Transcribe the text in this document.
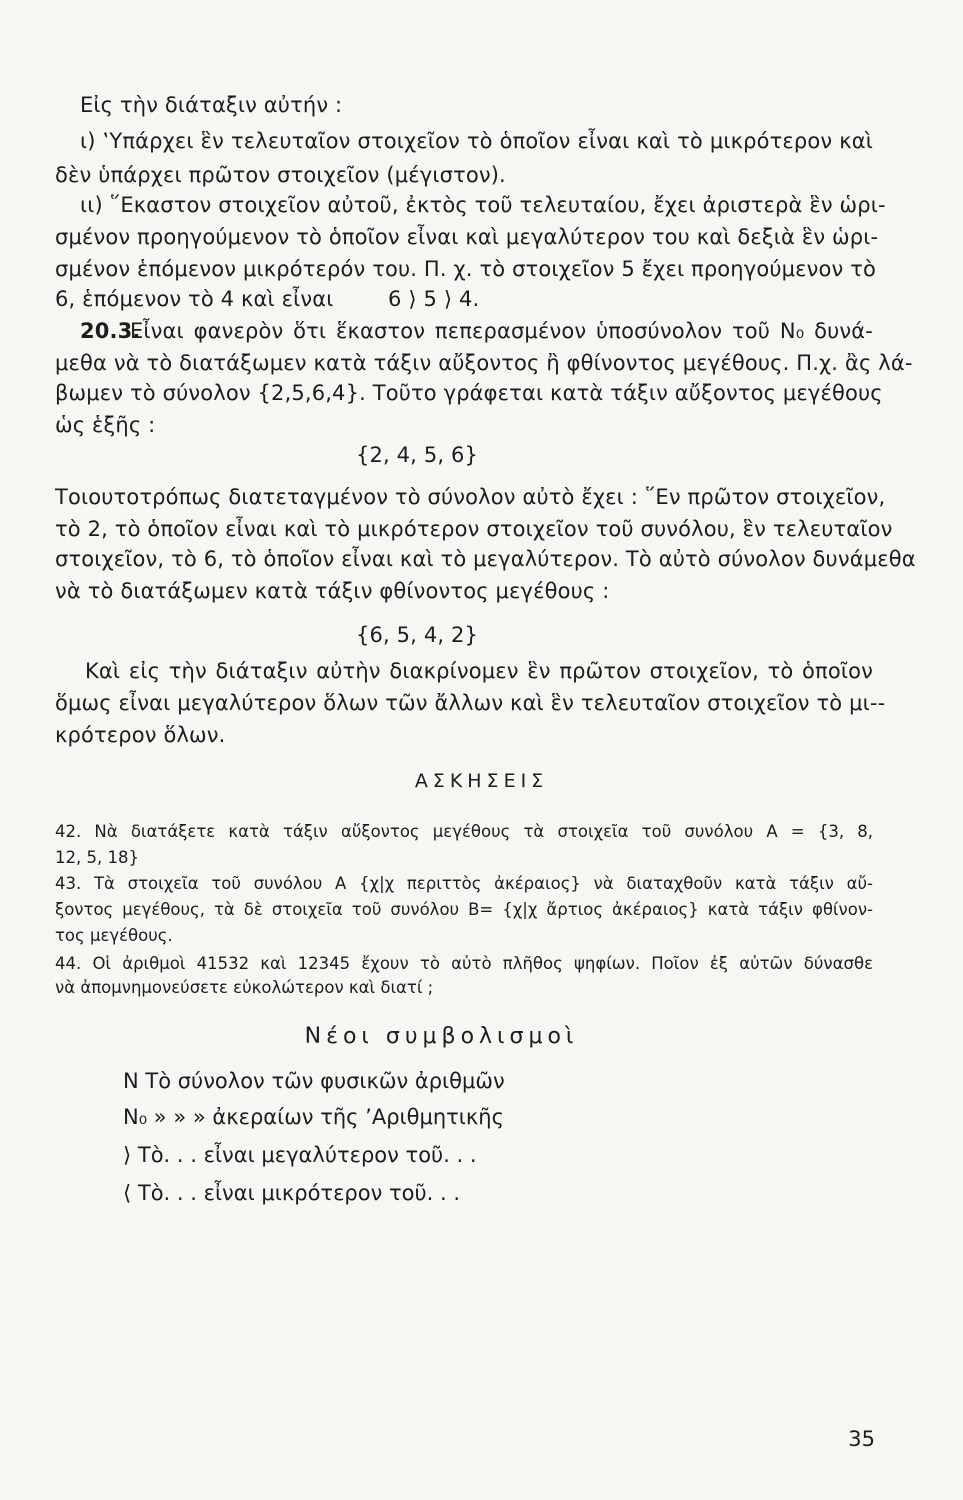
Εἰς τὴν διάταξιν αὐτήν :
ι) ‛Υπάρχει ἓν τελευταῖον στοιχεῖον τὸ ὁποῖον εἶναι καὶ τὸ μικρότερον καὶ
δὲν ὑπάρχει πρῶτον στοιχεῖον (μέγιστον).
ιι) ῞Εκαστον στοιχεῖον αὐτοῦ, ἐκτὸς τοῦ τελευταίου, ἔχει ἀριστερὰ ἓν ὡρι-
σμένον προηγούμενον τὸ ὁποῖον εἶναι καὶ μεγαλύτερον του καὶ δεξιὰ ἓν ὡρι-
σμένον ἑπόμενον μικρότερόν του. Π. χ. τὸ στοιχεῖον 5 ἔχει προηγούμενον τὸ
6, ἑπόμενον τὸ 4 καὶ εἶναι	6 ⟩ 5 ⟩ 4.
20.3.
Εἶναι φανερὸν ὅτι ἕκαστον πεπερασμένον ὑποσύνολον τοῦ N₀ δυνά-
μεθα νὰ τὸ διατάξωμεν κατὰ τάξιν αὔξοντος ἢ φθίνοντος μεγέθους. Π.χ. ἂς λά-
βωμεν τὸ σύνολον {2,5,6,4}. Τοῦτο γράφεται κατὰ τάξιν αὔξοντος μεγέθους
ὡς ἑξῆς :
{2, 4, 5, 6}
Τοιουτοτρόπως διατεταγμένον τὸ σύνολον αὐτὸ ἔχει : ῞Εν πρῶτον στοιχεῖον,
τὸ 2, τὸ ὁποῖον εἶναι καὶ τὸ μικρότερον στοιχεῖον τοῦ συνόλου, ἓν τελευταῖον
στοιχεῖον, τὸ 6, τὸ ὁποῖον εἶναι καὶ τὸ μεγαλύτερον. Τὸ αὐτὸ σύνολον δυνάμεθα
νὰ τὸ διατάξωμεν κατὰ τάξιν φθίνοντος μεγέθους :
{6, 5, 4, 2}
Καὶ εἰς τὴν διάταξιν αὐτὴν διακρίνομεν ἓν πρῶτον στοιχεῖον, τὸ ὁποῖον
ὅμως εἶναι μεγαλύτερον ὅλων τῶν ἄλλων καὶ ἓν τελευταῖον στοιχεῖον τὸ μι--
κρότερον ὅλων.
ΑΣΚΗΣΕΙΣ
42. Νὰ διατάξετε κατὰ τάξιν αὔξοντος μεγέθους τὰ στοιχεῖα τοῦ συνόλου A = {3, 8,
12, 5, 18}
43. Τὰ στοιχεῖα τοῦ συνόλου A {χ|χ περιττὸς ἀκέραιος} νὰ διαταχθοῦν κατὰ τάξιν αὔ-
ξοντος μεγέθους, τὰ δὲ στοιχεῖα τοῦ συνόλου B= {χ|χ ἄρτιος ἀκέραιος} κατὰ τάξιν φθίνον-
τος μεγέθους.
44. Οἱ ἀριθμοὶ 41532 καὶ 12345 ἔχουν τὸ αὐτὸ πλῆθος ψηφίων. Ποῖον ἐξ αὐτῶν δύνασθε
νὰ ἀπομνημονεύσετε εὐκολώτερον καὶ διατί ;
Νέοι συμβολισμοὶ
N Τὸ σύνολον τῶν φυσικῶν ἀριθμῶν
N₀ » » » ἀκεραίων τῆς ’Αριθμητικῆς
⟩ Τὸ. . . εἶναι μεγαλύτερον τοῦ. . .
⟨ Τὸ. . . εἶναι μικρότερον τοῦ. . .
35
